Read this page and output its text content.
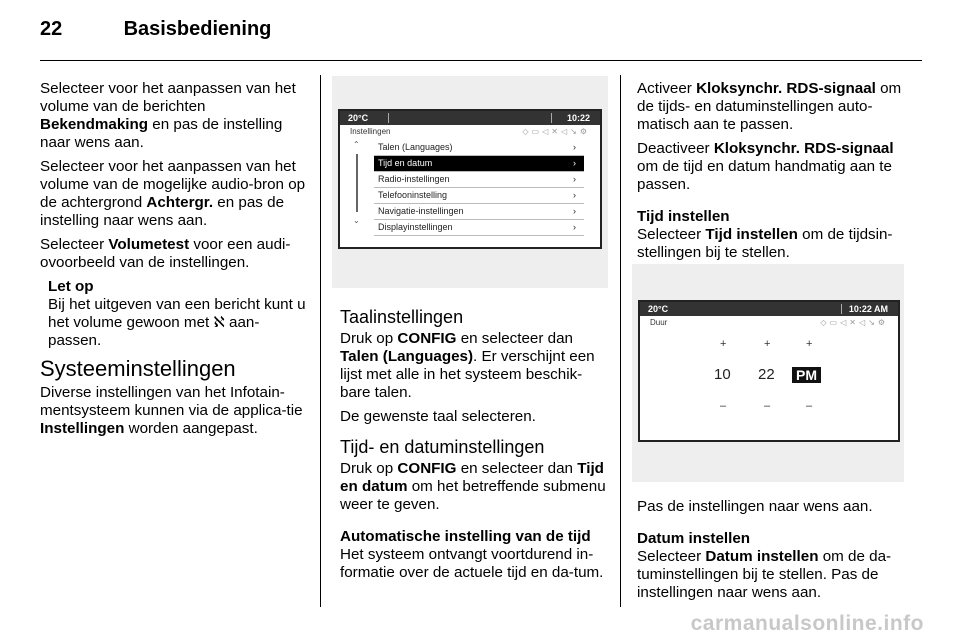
22	Basisbediening

Selecteer voor het aanpassen van het volume van de berichten Bekendmaking en pas de instelling naar wens aan.

Selecteer voor het aanpassen van het volume van de mogelijke audio-bron op de achtergrond Achtergr. en pas de instelling naar wens aan.

Selecteer Volumetest voor een audi-ovoorbeeld van de instellingen.

Let op

Bij het uitgeven van een bericht kunt u het volume gewoon met ℵ aan-passen.

Systeeminstellingen

Diverse instellingen van het Infotain-mentsysteem kunnen via de applica-tie Instellingen worden aangepast.

20°C	10:22
Instellingen	◇▭◁✕◁↘⚙
⌃
⌄
Talen (Languages)	›
Tijd en datum	›
Radio-instellingen	›
Telefooninstelling	›
Navigatie-instellingen	›
Displayinstellingen	›
Taalinstellingen

Druk op CONFIG en selecteer dan Talen (Languages). Er verschijnt een lijst met alle in het systeem beschik-bare talen.

De gewenste taal selecteren.

Tijd- en datuminstellingen

Druk op CONFIG en selecteer dan Tijd en datum om het betreffende submenu weer te geven.

Automatische instelling van de tijd

Het systeem ontvangt voortdurend in-formatie over de actuele tijd en da-tum.

Activeer Kloksynchr. RDS-signaal om de tijds- en datuminstellingen auto-matisch aan te passen.

Deactiveer Kloksynchr. RDS-signaal om de tijd en datum handmatig aan te passen.

Tijd instellen

Selecteer Tijd instellen om de tijdsin-stellingen bij te stellen.

20°C	10:22 AM
Duur	◇▭◁✕◁↘⚙
+	+	+
10 22 PM
–	–	–

Pas de instellingen naar wens aan.

Datum instellen

Selecteer Datum instellen om de da-tuminstellingen bij te stellen. Pas de instellingen naar wens aan.

carmanualsonline.info
